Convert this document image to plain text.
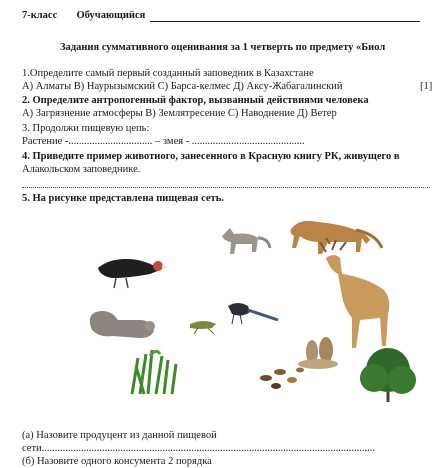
7-класс Обучающийся
Задания суммативного оценивания за 1 четверть по предмету «Биол
1.Определите самый первый созданный заповедник в Казахстане
А) Алматы В) Наурызымский С) Барса-келмес Д) Аксу-Жабагалинский	[1]
2. Определите антропогенный фактор, вызванный действиями человека
А) Загрязнение атмосферы В) Землятресение С) Наводнение Д) Ветер
3. Продолжи пищевую цепь:
Растение -................................ – змея - ...........................................
4. Приведите пример животного, занесенного в Красную книгу РК, живущего в
Алакольском заповеднике.
5. На рисунке представлена пищевая сеть.
(а) Назовите продуцент из данной пищевой
сети...............................................................................................................................
(б) Назовите одного консумента 2 порядка
